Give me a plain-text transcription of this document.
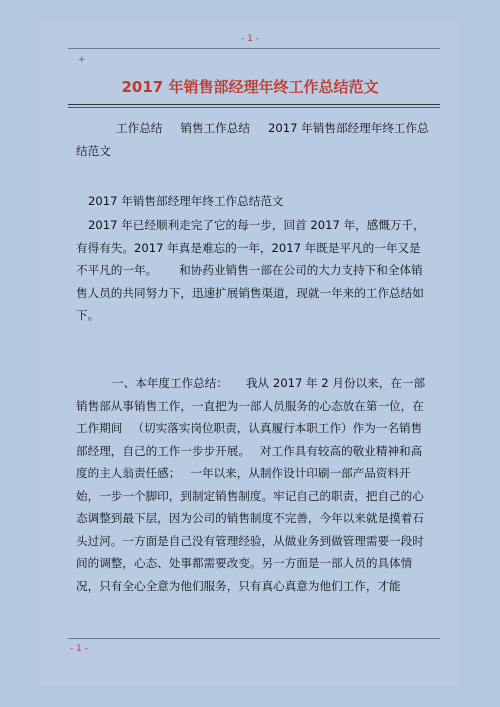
- 1 -
+
2017 年销售部经理年终工作总结范文
工作总结 销售工作总结 2017 年销售部经理年终工作总结范文
2017 年销售部经理年终工作总结范文
2017 年已经顺利走完了它的每一步，回首 2017 年，感慨万千，有得有失。2017 年真是难忘的一年，2017 年既是平凡的一年又是不平凡的一年。 和协药业销售一部在公司的大力支持下和全体销售人员的共同努力下，迅速扩展销售渠道，现就一年来的工作总结如下。
一、本年度工作总结： 我从 2017 年 2 月份以来，在一部销售部从事销售工作，一直把为一部人员服务的心态放在第一位，在工作期间 （切实落实岗位职责，认真履行本职工作）作为一名销售部经理，自己的工作一步步开展。 对工作具有较高的敬业精神和高度的主人翁责任感； 一年以来，从制作设计印刷一部产品资料开始，一步一个脚印，到制定销售制度。牢记自己的职责，把自己的心态调整到最下层，因为公司的销售制度不完善，今年以来就是摸着石头过河。一方面是自己没有管理经验，从做业务到做管理需要一段时间的调整，心态、处事都需要改变。另一方面是一部人员的具体情况，只有全心全意为他们服务，只有真心真意为他们工作，才能
- 1 -
